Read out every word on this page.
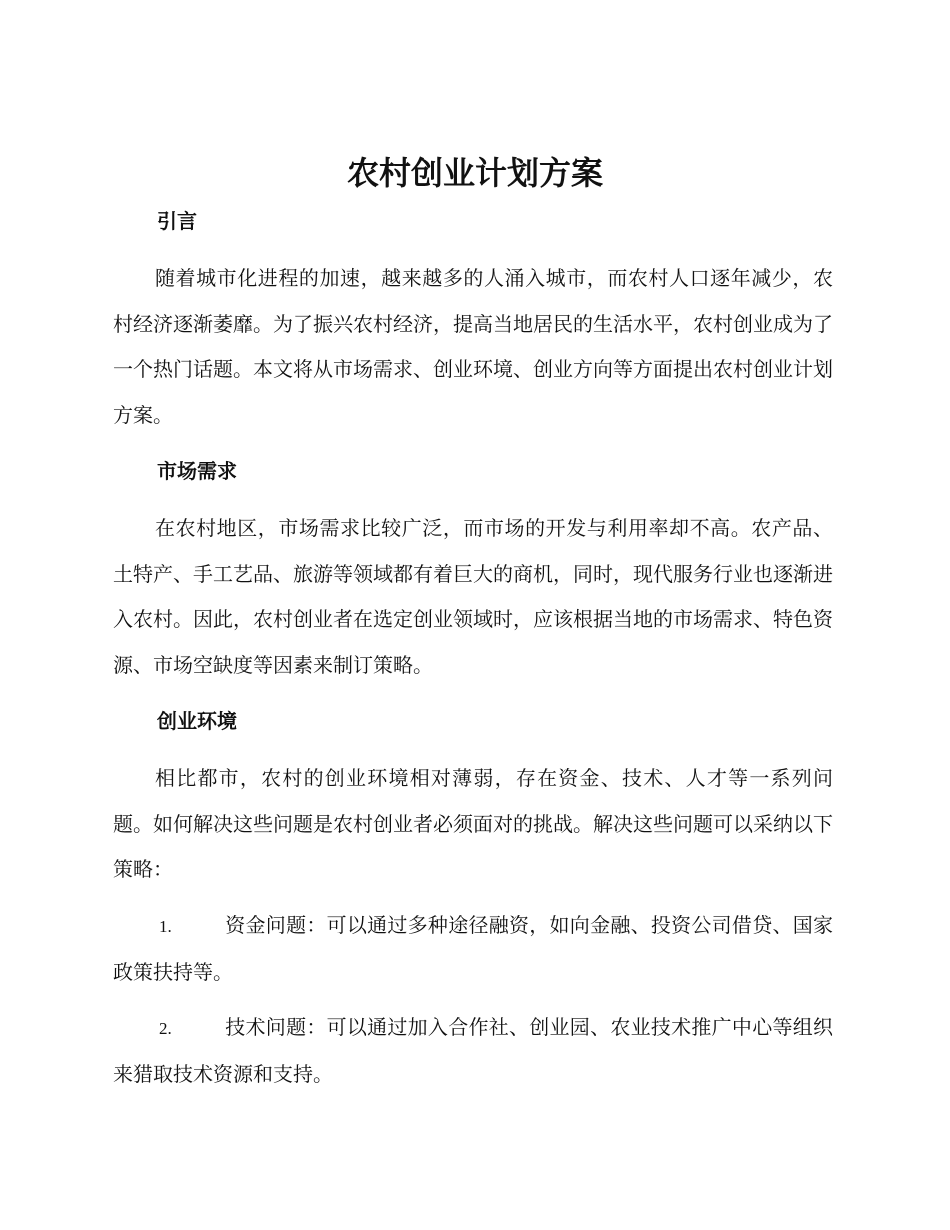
农村创业计划方案
引言

随着城市化进程的加速，越来越多的人涌入城市，而农村人口逐年减少，农村经济逐渐萎靡。为了振兴农村经济，提高当地居民的生活水平，农村创业成为了一个热门话题。本文将从市场需求、创业环境、创业方向等方面提出农村创业计划方案。

市场需求

在农村地区，市场需求比较广泛，而市场的开发与利用率却不高。农产品、土特产、手工艺品、旅游等领域都有着巨大的商机，同时，现代服务行业也逐渐进入农村。因此，农村创业者在选定创业领域时，应该根据当地的市场需求、特色资源、市场空缺度等因素来制订策略。

创业环境

相比都市，农村的创业环境相对薄弱，存在资金、技术、人才等一系列问题。如何解决这些问题是农村创业者必须面对的挑战。解决这些问题可以采纳以下策略：

1.	资金问题：可以通过多种途径融资，如向金融、投资公司借贷、国家政策扶持等。

2.	技术问题：可以通过加入合作社、创业园、农业技术推广中心等组织来猎取技术资源和支持。
